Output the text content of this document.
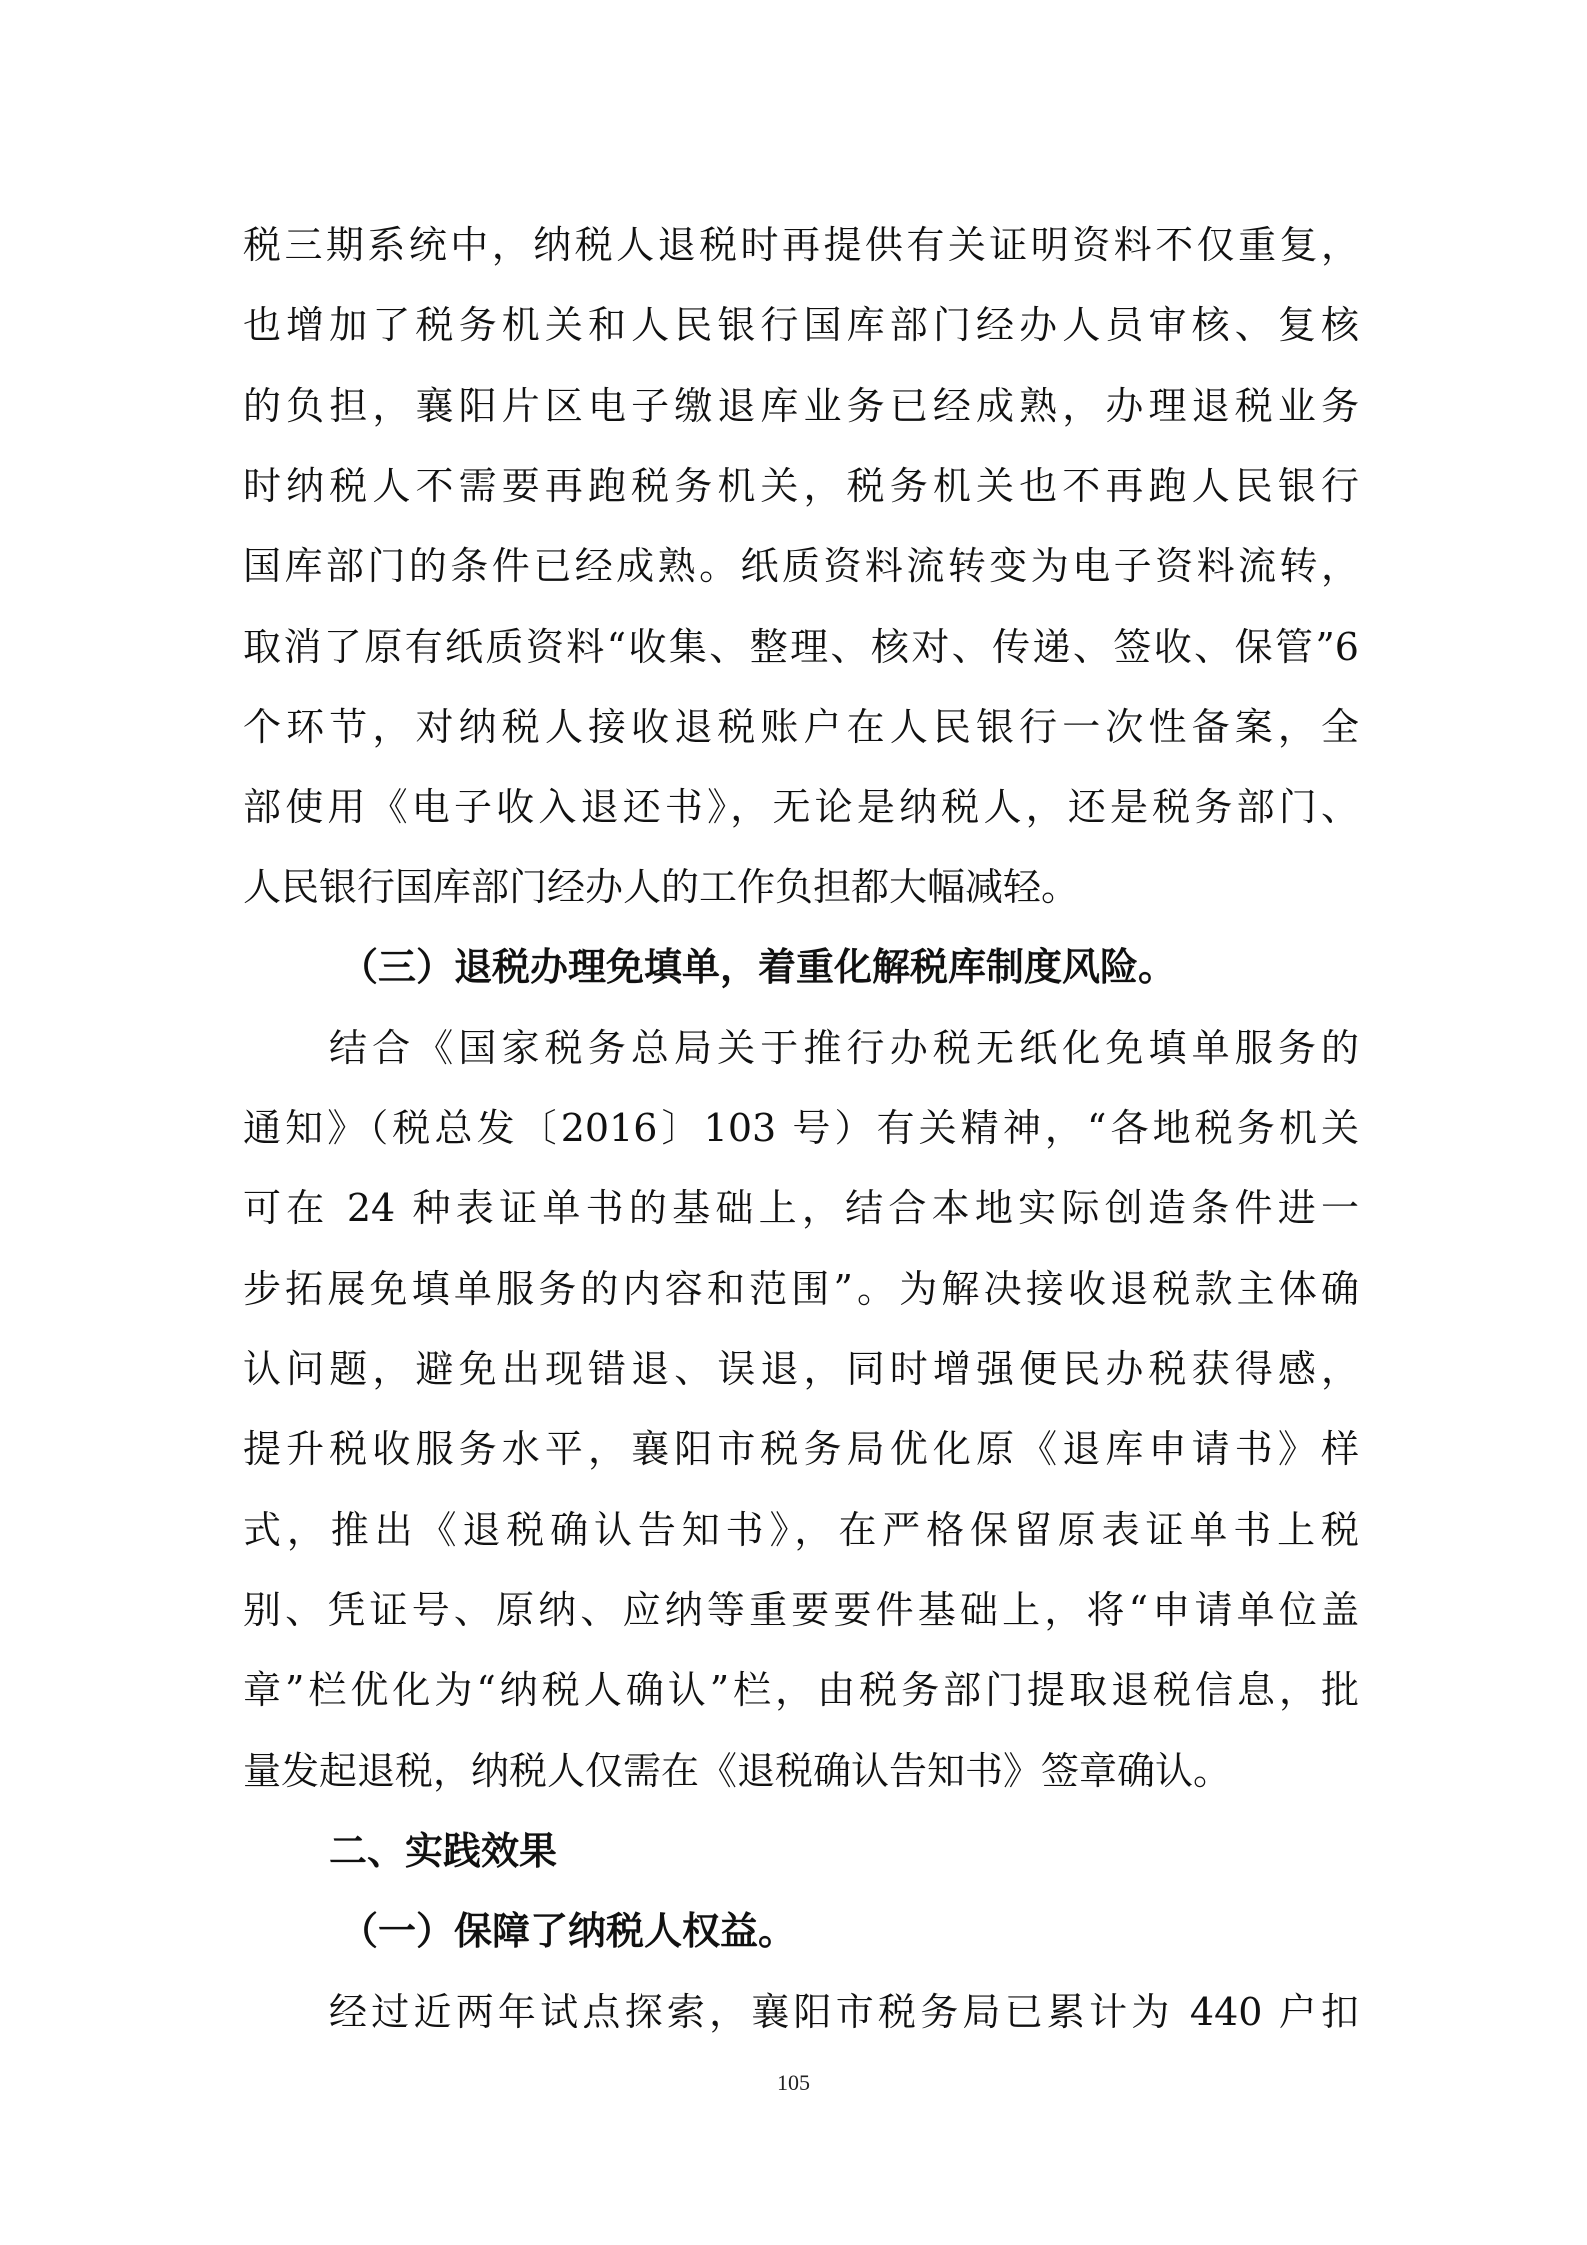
税三期系统中，纳税人退税时再提供有关证明资料不仅重复，
也增加了税务机关和人民银行国库部门经办人员审核、复核
的负担，襄阳片区电子缴退库业务已经成熟，办理退税业务
时纳税人不需要再跑税务机关，税务机关也不再跑人民银行
国库部门的条件已经成熟。纸质资料流转变为电子资料流转，
取消了原有纸质资料“收集、整理、核对、传递、签收、保管”6
个环节，对纳税人接收退税账户在人民银行一次性备案，全
部使用《电子收入退还书》，无论是纳税人，还是税务部门、
人民银行国库部门经办人的工作负担都大幅减轻。
（三）退税办理免填单，着重化解税库制度风险。
结合《国家税务总局关于推行办税无纸化免填单服务的
通知》（税总发〔2016〕103 号）有关精神，“各地税务机关
可在 24 种表证单书的基础上，结合本地实际创造条件进一
步拓展免填单服务的内容和范围”。为解决接收退税款主体确
认问题，避免出现错退、误退，同时增强便民办税获得感，
提升税收服务水平，襄阳市税务局优化原《退库申请书》样
式，推出《退税确认告知书》，在严格保留原表证单书上税
别、凭证号、原纳、应纳等重要要件基础上，将“申请单位盖
章”栏优化为“纳税人确认”栏，由税务部门提取退税信息，批
量发起退税，纳税人仅需在《退税确认告知书》签章确认。
二、实践效果
（一）保障了纳税人权益。
经过近两年试点探索，襄阳市税务局已累计为 440 户扣
105
